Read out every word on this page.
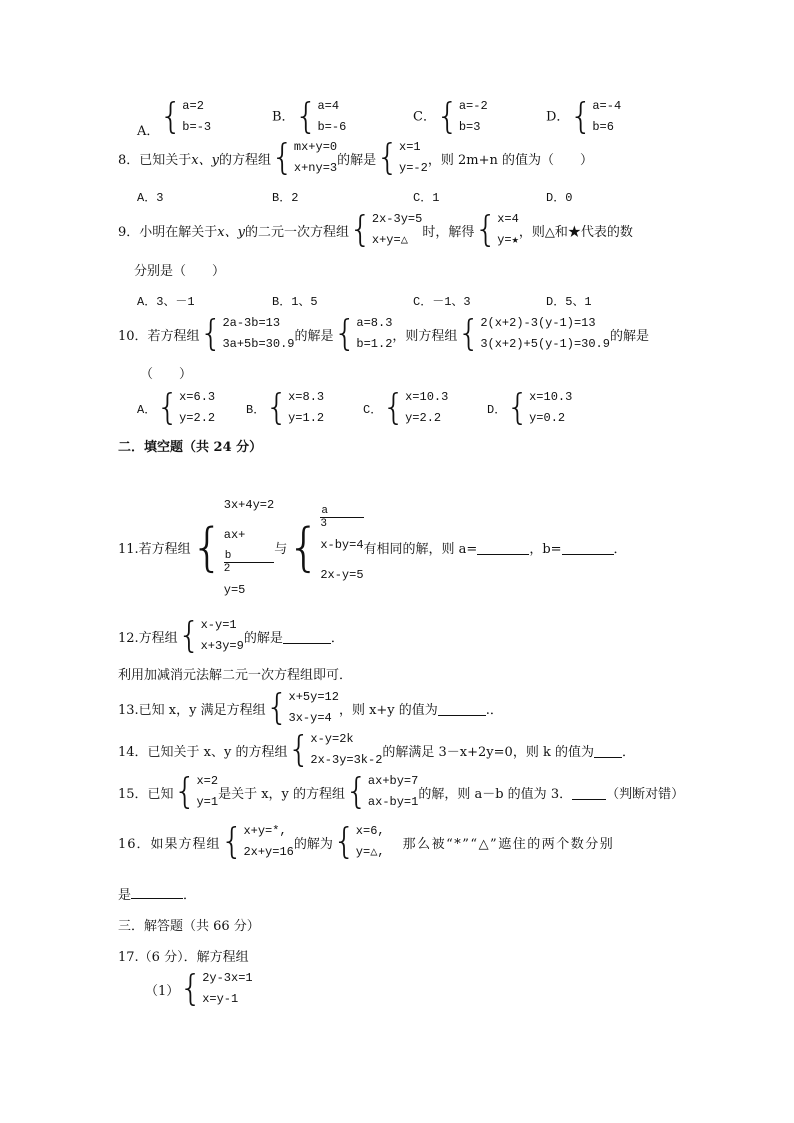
A． { a=2
b=-3
B． { a=4
b=-6
C． { a=-2
b=3
D． { a=-4
b=6
8．已知关于 x、y 的方程组 { mx+y=0
x+ny=3
的解是 { x=1
y=-2
，则 2m+n 的值为（　　）
A．3	B．2	C．1	D．0
9．小明在解关于 x、y 的二元一次方程组 { 2x-3y=5
x+y=△
时，解得 { x=4
y=★
，则△和★代表的数
分别是（　　）
A．3、－1	B．1、5	C．－1、3	D．5、1
10．若方程组 { 2a-3b=13
3a+5b=30.9
的解是 { a=8.3
b=1.2
，则方程组 { 2(x+2)-3(y-1)=13
3(x+2)+5(y-1)=30.9
的解是
（　　）
A． { x=6.3
y=2.2
B． { x=8.3
y=1.2
C． { x=10.3
y=2.2
D． { x=10.3
y=0.2
二．填空题（共 24 分）
11.若方程组 {
3x+4y=2
ax+
b
2
y=5
与 {
a
3
x-by=4
2x-y=5
有相同的解，则 a=	，b=	．
12.方程组 { x-y=1
x+3y=9
的解是	．
利用加减消元法解二元一次方程组即可．
13.已知 x，y 满足方程组 { x+5y=12
3x-y=4
，则 x+y 的值为	.．
14．已知关于 x、y 的方程组 { x-y=2k
2x-3y=3k-2
的解满足 3－x+2y=0，则 k 的值为 ．
15．已知 { x=2
y=1
是关于 x，y 的方程组 { ax+by=7
ax-by=1
的解，则 a－b 的值为 3．	（判断对错）
16．如果方程组 { x+y=*,
2x+y=16
的解为 { x=6,
y=△,
那么被“*”“△”遮住的两个数分别
是	．
三．解答题（共 66 分）
17.（6 分）．解方程组
（1） { 2y-3x=1
x=y-1
